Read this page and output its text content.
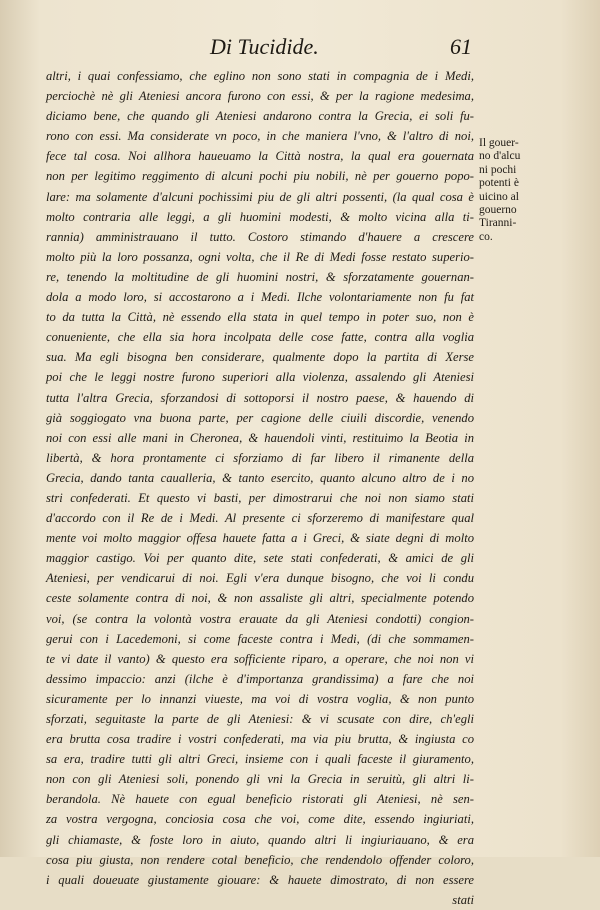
Di Tucidide.	61
altri, i quai confessiamo, che eglino non sono stati in compagnia de i Medi,
perciochè nè gli Ateniesi ancora furono con essi, & per la ragione medesima,
diciamo bene, che quando gli Ateniesi andarono contra la Grecia, ei soli fu-
rono con essi. Ma considerate vn poco, in che maniera l'vno, & l'altro di noi,
fece tal cosa. Noi allhora haueuamo la Città nostra, la qual era gouernata
non per legitimo reggimento di alcuni pochi piu nobili, nè per gouerno popo-
lare: ma solamente d'alcuni pochissimi piu de gli altri possenti, (la qual cosa è
molto contraria alle leggi, a gli huomini modesti, & molto vicina alla ti-
rannia) amministrauano il tutto. Costoro stimando d'hauere a crescere
molto più la loro possanza, ogni volta, che il Re di Medi fosse restato superio-
re, tenendo la moltitudine de gli huomini nostri, & sforzatamente gouernan-
dola a modo loro, si accostarono a i Medi. Ilche volontariamente non fu fat
to da tutta la Città, nè essendo ella stata in quel tempo in poter suo, non è
conueniente, che ella sia hora incolpata delle cose fatte, contra alla voglia
sua. Ma egli bisogna ben considerare, qualmente dopo la partita di Xerse
poi che le leggi nostre furono superiori alla violenza, assalendo gli Ateniesi
tutta l'altra Grecia, sforzandosi di sottoporsi il nostro paese, & hauendo di
già soggiogato vna buona parte, per cagione delle ciuili discordie, venendo
noi con essi alle mani in Cheronea, & hauendoli vinti, restituimo la Beotia in
libertà, & hora prontamente ci sforziamo di far libero il rimanente della
Grecia, dando tanta caualleria, & tanto esercito, quanto alcuno altro de i no
stri confederati. Et questo vi basti, per dimostrarui che noi non siamo stati
d'accordo con il Re de i Medi. Al presente ci sforzeremo di manifestare qual
mente voi molto maggior offesa hauete fatta a i Greci, & siate degni di molto
maggior castigo. Voi per quanto dite, sete stati confederati, & amici de gli
Ateniesi, per vendicarui di noi. Egli v'era dunque bisogno, che voi li condu
ceste solamente contra di noi, & non assaliste gli altri, specialmente potendo
voi, (se contra la volontà vostra erauate da gli Ateniesi condotti) congion-
gerui con i Lacedemoni, si come faceste contra i Medi, (di che sommamen-
te vi date il vanto) & questo era sofficiente riparo, a operare, che noi non vi
dessimo impaccio: anzi (ilche è d'importanza grandissima) a fare che noi
sicuramente per lo innanzi viueste, ma voi di vostra voglia, & non punto
sforzati, seguitaste la parte de gli Ateniesi: & vi scusate con dire, ch'egli
era brutta cosa tradire i vostri confederati, ma via piu brutta, & ingiusta co
sa era, tradire tutti gli altri Greci, insieme con i quali faceste il giuramento,
non con gli Ateniesi soli, ponendo gli vni la Grecia in seruitù, gli altri li-
berandola. Nè hauete con egual beneficio ristorati gli Ateniesi, nè sen-
za vostra vergogna, conciosia cosa che voi, come dite, essendo ingiuriati,
gli chiamaste, & foste loro in aiuto, quando altri li ingiuriauano, & era
cosa piu giusta, non rendere cotal beneficio, che rendendolo offender coloro,
i quali doueuate giustamente giouare: & hauete dimostrato, di non essere
stati
Il gouer-
no d'alcu
ni pochi
potenti è
uicino al
gouerno
Tiranni-
co.
